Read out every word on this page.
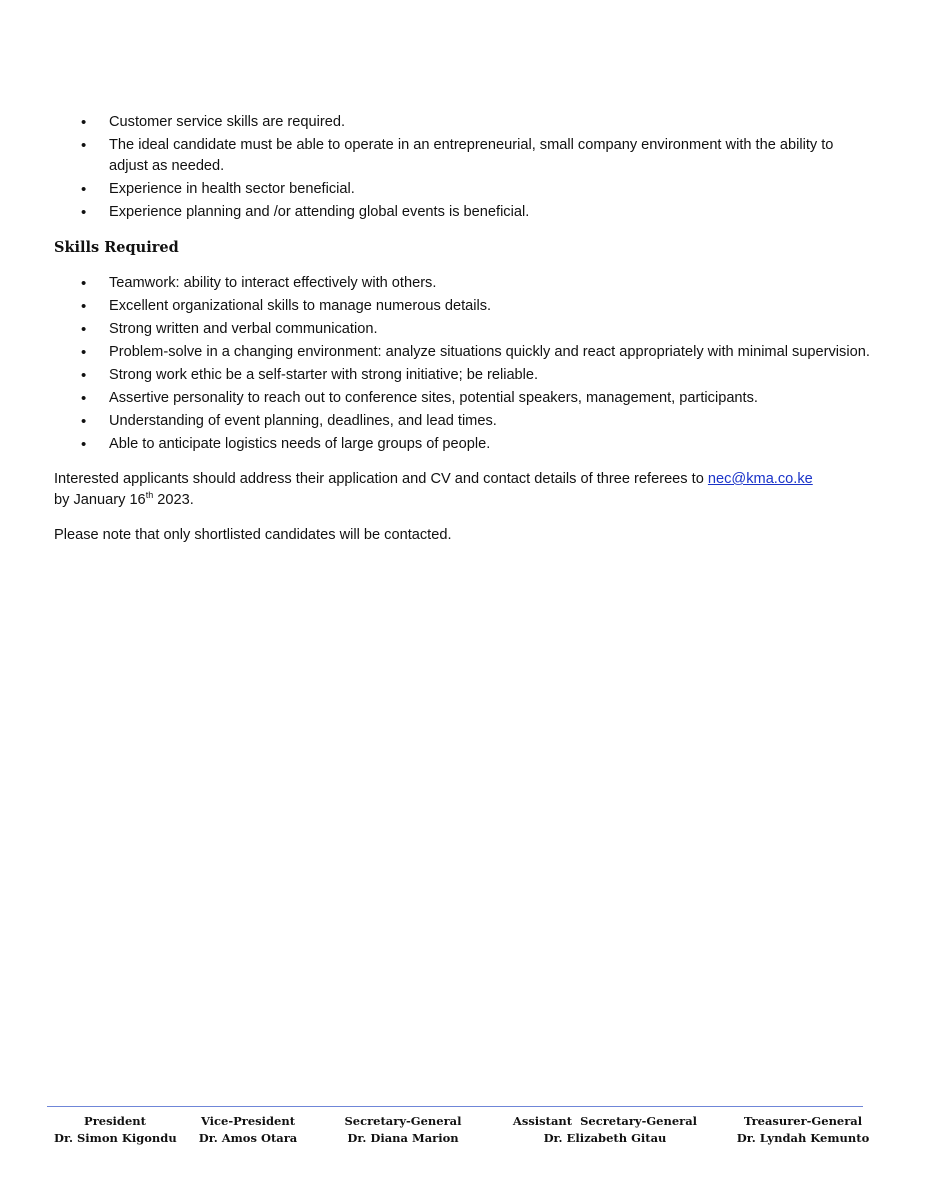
• Customer service skills are required.
• The ideal candidate must be able to operate in an entrepreneurial, small company environment with the ability to adjust as needed.
• Experience in health sector beneficial.
• Experience planning and /or attending global events is beneficial.
Skills Required
• Teamwork: ability to interact effectively with others.
• Excellent organizational skills to manage numerous details.
• Strong written and verbal communication.
• Problem-solve in a changing environment: analyze situations quickly and react appropriately with minimal supervision.
• Strong work ethic be a self-starter with strong initiative; be reliable.
• Assertive personality to reach out to conference sites, potential speakers, management, participants.
• Understanding of event planning, deadlines, and lead times.
• Able to anticipate logistics needs of large groups of people.

Interested applicants should address their application and CV and contact details of three referees to nec@kma.co.ke
by January 16th 2023.

Please note that only shortlisted candidates will be contacted.

President
Dr. Simon Kigondu
Vice-President
Dr. Amos Otara
Secretary-General
Dr. Diana Marion
Assistant  Secretary-General
Dr. Elizabeth Gitau
Treasurer-General
Dr. Lyndah Kemunto
